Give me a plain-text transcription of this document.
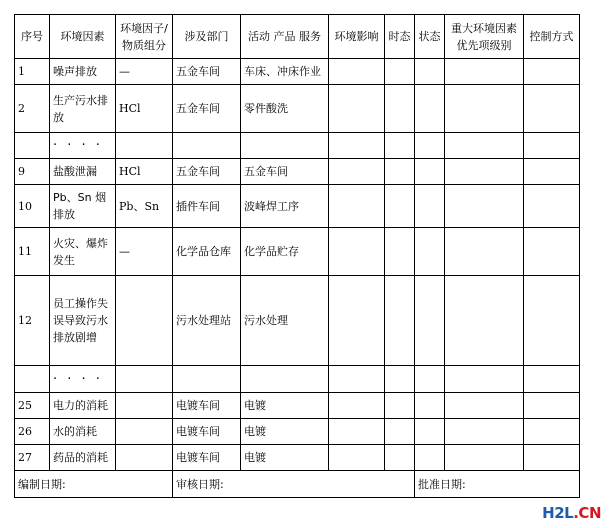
序号	环境因素	环境因子/物质组分	涉及部门	活动 产品 服务	环境影响	时态	状态	重大环境因素优先项级别	控制方式
1	噪声排放	—	五金车间	车床、冲床作业					
2	生产污水排放	HCl	五金车间	零件酸洗					
	· · · ·								
9	盐酸泄漏	HCl	五金车间	五金车间					
10	Pb、Sn 烟排放	Pb、Sn	插件车间	波峰焊工序					
11	火灾、爆炸发生	—	化学品仓库	化学品贮存					
12	员工操作失误导致污水排放剧增		污水处理站	污水处理					
	· · · ·								
25	电力的消耗		电镀车间	电镀					
26	水的消耗		电镀车间	电镀					
27	药品的消耗		电镀车间	电镀					
编制日期:			审核日期:				批准日期:		
H2L.CN
